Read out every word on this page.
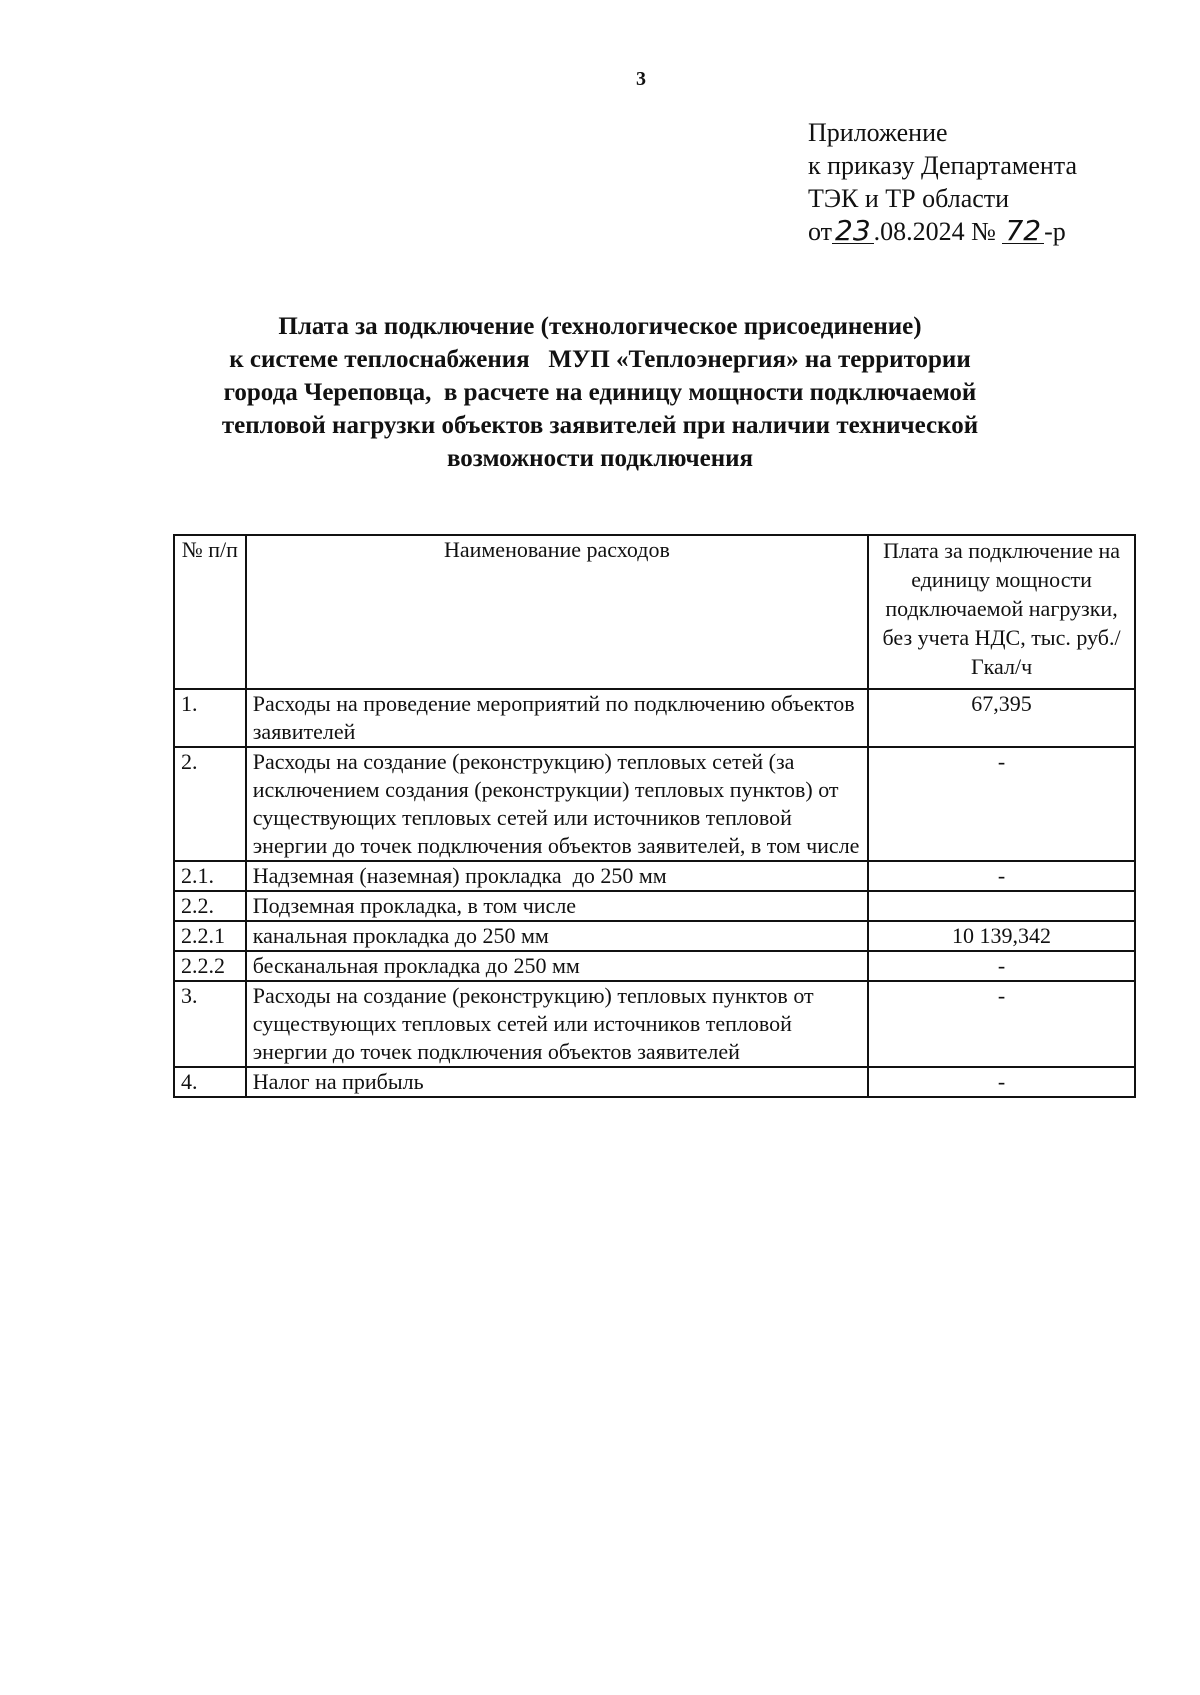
3
Приложение
к приказу Департамента
ТЭК и ТР области
от 23 .08.2024 № 72 -р
Плата за подключение (технологическое присоединение)
к системе теплоснабжения   МУП «Теплоэнергия» на территории
города Череповца,  в расчете на единицу мощности подключаемой
тепловой нагрузки объектов заявителей при наличии технической
возможности подключения
№ п/п	Наименование расходов	Плата за подключение на единицу мощности подключаемой нагрузки, без учета НДС, тыс. руб./Гкал/ч
1.	Расходы на проведение мероприятий по подключению объектов заявителей	67,395
2.	Расходы на создание (реконструкцию) тепловых сетей (за исключением создания (реконструкции) тепловых пунктов) от существующих тепловых сетей или источников тепловой энергии до точек подключения объектов заявителей, в том числе	-
2.1.	Надземная (наземная) прокладка  до 250 мм	-
2.2.	Подземная прокладка, в том числе	
2.2.1	канальная прокладка до 250 мм	10 139,342
2.2.2	бесканальная прокладка до 250 мм	-
3.	Расходы на создание (реконструкцию) тепловых пунктов от существующих тепловых сетей или источников тепловой энергии до точек подключения объектов заявителей	-
4.	Налог на прибыль	-
